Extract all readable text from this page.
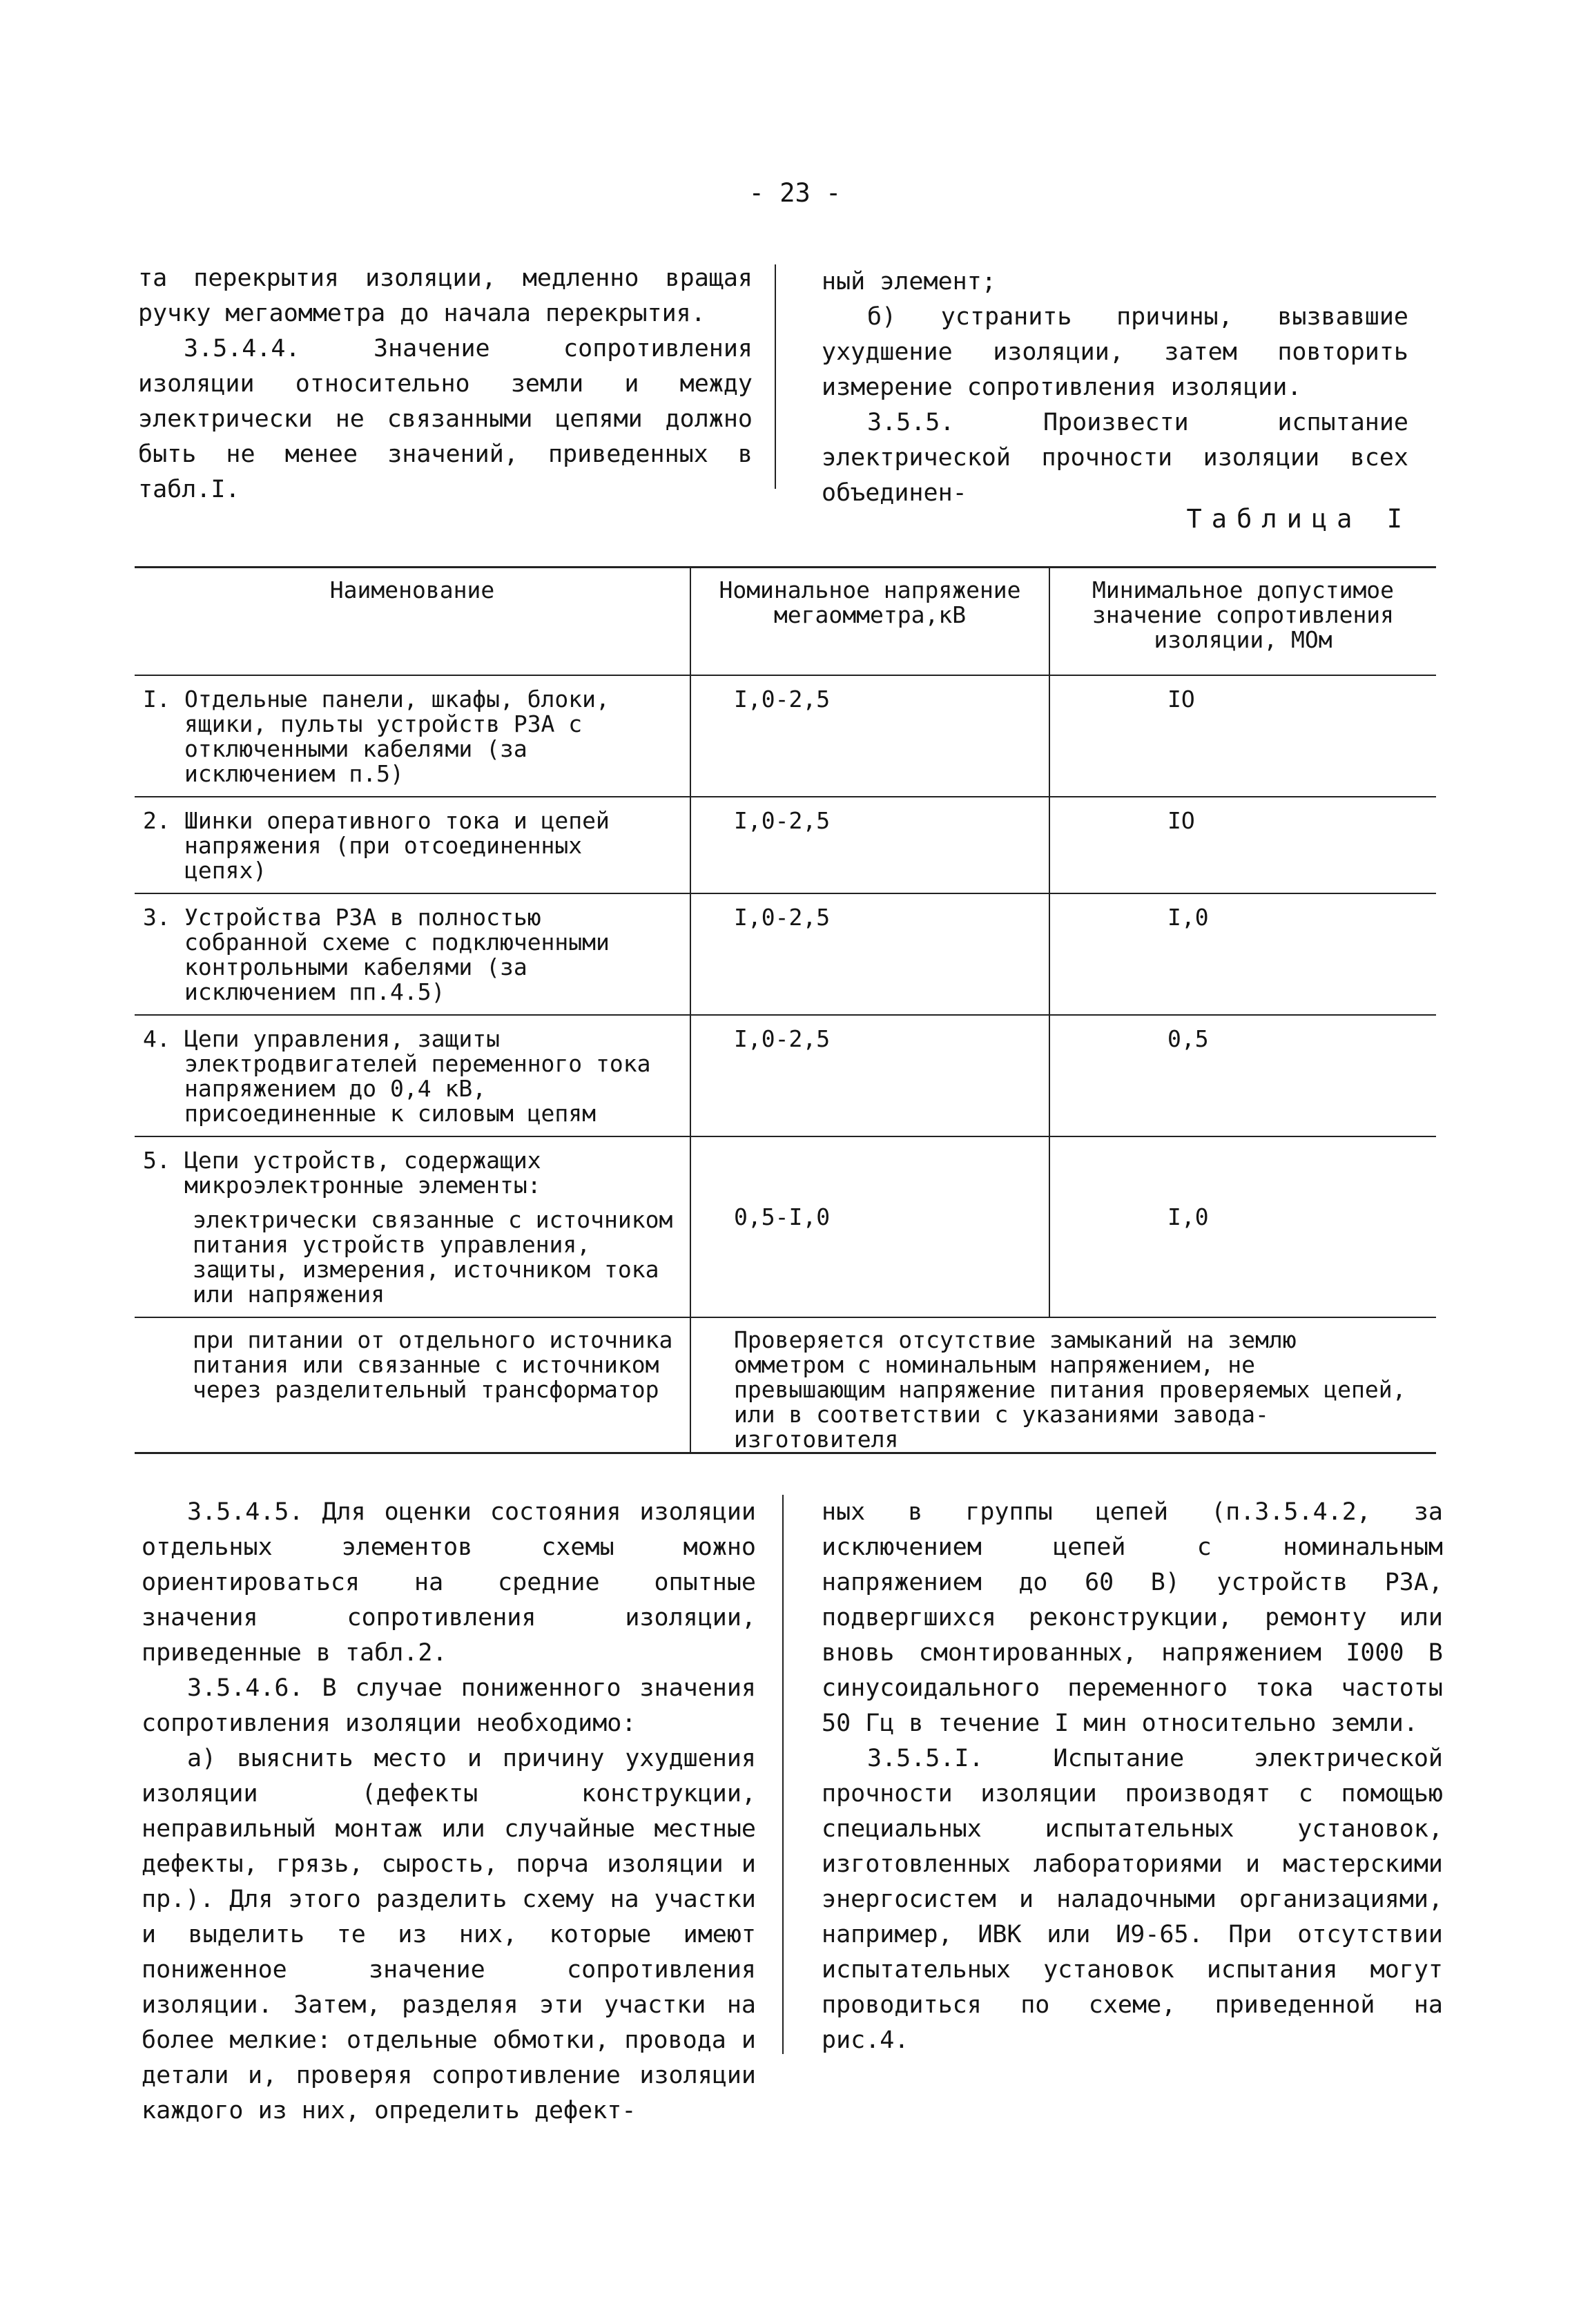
- 23 -

та перекрытия изоляции, медленно вращая ручку мегаомметра до начала перекрытия.

3.5.4.4. Значение сопротивления изоляции относительно земли и между электрически не связанными цепями должно быть не менее значений, приведенных в табл.I.

ный элемент;

б) устранить причины, вызвавшие ухудшение изоляции, затем повторить измерение сопротивления изоляции.

3.5.5. Произвести испытание электрической прочности изоляции всех объединен-

Таблица I
Наименование	Номинальное напряжение мегаомметра,кВ	Минимальное допустимое значение сопротивления изоляции, МОм

I. Отдельные панели, шкафы, блоки, ящики, пульты устройств РЗА с отключенными кабелями (за исключением п.5)	I,0-2,5	IO

2. Шинки оперативного тока и цепей напряжения (при отсоединенных цепях)	I,0-2,5	IO

3. Устройства РЗА в полностью собранной схеме с подключенными контрольными кабелями (за исключением пп.4.5)	I,0-2,5	I,0

4. Цепи управления, защиты электродвигателей переменного тока напряжением до 0,4 кВ, присоединенные к силовым цепям	I,0-2,5	0,5

5. Цепи устройств, содержащих микроэлектронные элементы:
электрически связанные с источником питания устройств управления, защиты, измерения, источником тока или напряжения	0,5-I,0	I,0

при питании от отдельного источника питания или связанные с источником через разделительный трансформатор	Проверяется отсутствие замыканий на землю омметром с номинальным напряжением, не превышающим напряжение питания проверяемых цепей, или в соответствии с указаниями завода-изготовителя	

3.5.4.5. Для оценки состояния изоляции отдельных элементов схемы можно ориентироваться на средние опытные значения сопротивления изоляции, приведенные в табл.2.

3.5.4.6. В случае пониженного значения сопротивления изоляции необходимо:

а) выяснить место и причину ухудшения изоляции (дефекты конструкции, неправильный монтаж или случайные местные дефекты, грязь, сырость, порча изоляции и пр.). Для этого разделить схему на участки и выделить те из них, которые имеют пониженное значение сопротивления изоляции. Затем, разделяя эти участки на более мелкие: отдельные обмотки, провода и детали и, проверяя сопротивление изоляции каждого из них, определить дефект-

ных в группы цепей (п.3.5.4.2, за исключением цепей с номинальным напряжением до 60 В) устройств РЗА, подвергшихся реконструкции, ремонту или вновь смонтированных, напряжением I000 В синусоидального переменного тока частоты 50 Гц в течение I мин относительно земли.

3.5.5.I. Испытание электрической прочности изоляции производят с помощью специальных испытательных установок, изготовленных лабораториями и мастерскими энергосистем и наладочными организациями, например, ИВК или И9-65. При отсутствии испытательных установок испытания могут проводиться по схеме, приведенной на рис.4.
